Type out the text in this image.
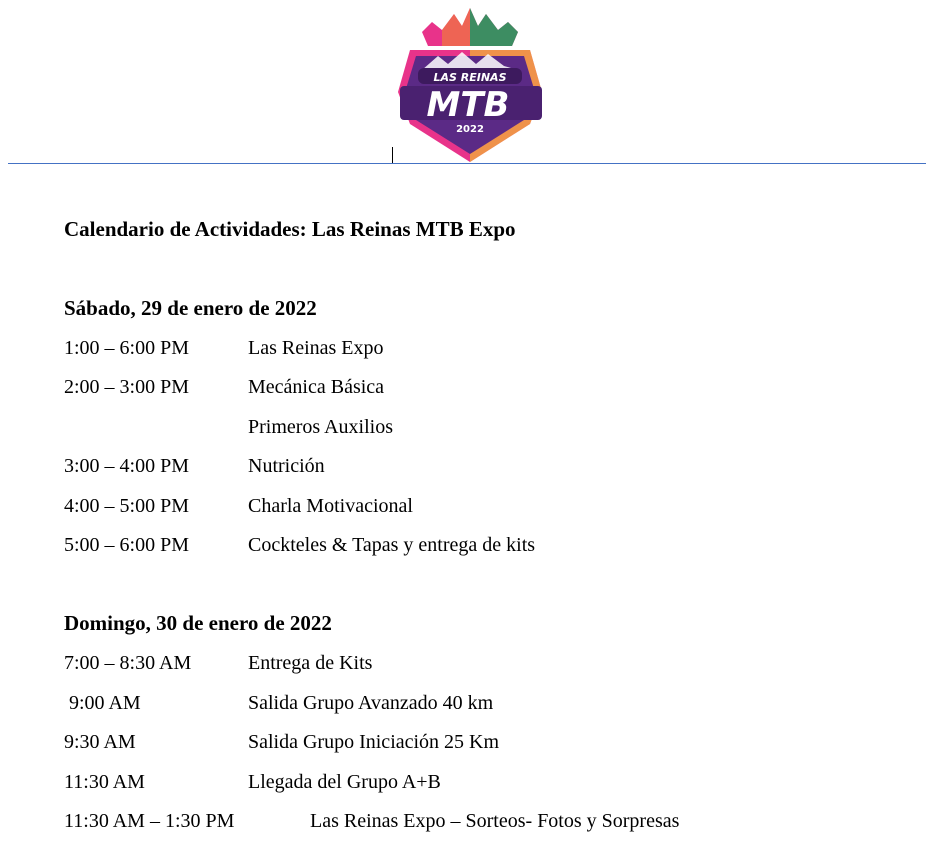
LAS REINAS
MTB
2022
Calendario de Actividades: Las Reinas MTB Expo
Sábado, 29 de enero de 2022
1:00 – 6:00 PM	Las Reinas Expo
2:00 – 3:00 PM	Mecánica Básica
Primeros Auxilios
3:00 – 4:00 PM	Nutrición
4:00 – 5:00 PM	Charla Motivacional
5:00 – 6:00 PM	Cockteles & Tapas y entrega de kits
Domingo, 30 de enero de 2022
7:00 – 8:30 AM	Entrega de Kits
9:00 AM	Salida Grupo Avanzado 40 km
9:30 AM	Salida Grupo Iniciación 25 Km
11:30 AM	Llegada del Grupo A+B
11:30 AM – 1:30 PM	Las Reinas Expo – Sorteos- Fotos y Sorpresas
